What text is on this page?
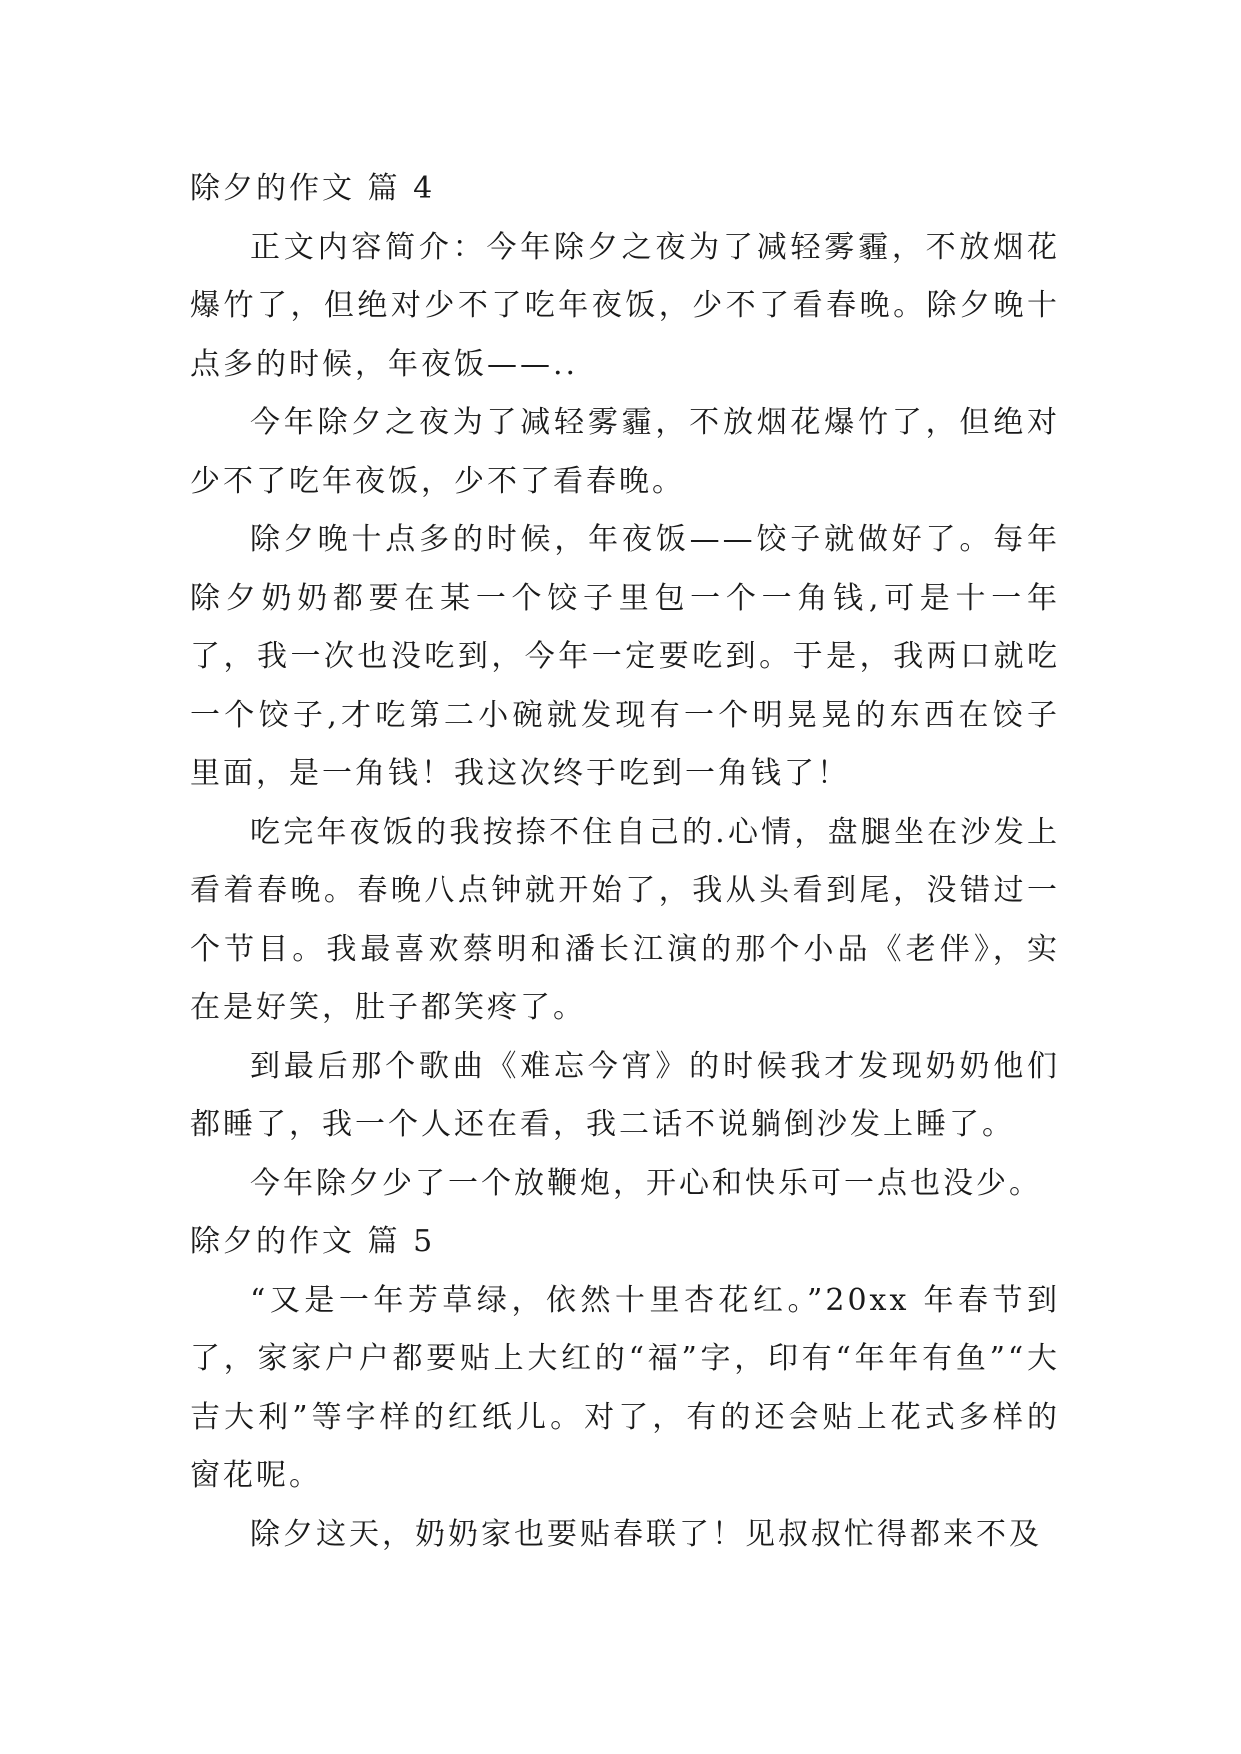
除夕的作文 篇 4

正文内容简介：今年除夕之夜为了减轻雾霾，不放烟花爆竹了，但绝对少不了吃年夜饭，少不了看春晚。除夕晚十点多的时候，年夜饭——..

今年除夕之夜为了减轻雾霾，不放烟花爆竹了，但绝对少不了吃年夜饭，少不了看春晚。

除夕晚十点多的时候，年夜饭——饺子就做好了。每年除夕奶奶都要在某一个饺子里包一个一角钱,可是十一年了，我一次也没吃到，今年一定要吃到。于是，我两口就吃一个饺子,才吃第二小碗就发现有一个明晃晃的东西在饺子里面，是一角钱！我这次终于吃到一角钱了！

吃完年夜饭的我按捺不住自己的.心情，盘腿坐在沙发上看着春晚。春晚八点钟就开始了，我从头看到尾，没错过一个节目。我最喜欢蔡明和潘长江演的那个小品《老伴》，实在是好笑，肚子都笑疼了。

到最后那个歌曲《难忘今宵》的时候我才发现奶奶他们都睡了，我一个人还在看，我二话不说躺倒沙发上睡了。

今年除夕少了一个放鞭炮，开心和快乐可一点也没少。

除夕的作文 篇 5

“又是一年芳草绿，依然十里杏花红。”20xx 年春节到了，家家户户都要贴上大红的“福”字，印有“年年有鱼”“大吉大利”等字样的红纸儿。对了，有的还会贴上花式多样的窗花呢。

除夕这天，奶奶家也要贴春联了！见叔叔忙得都来不及
